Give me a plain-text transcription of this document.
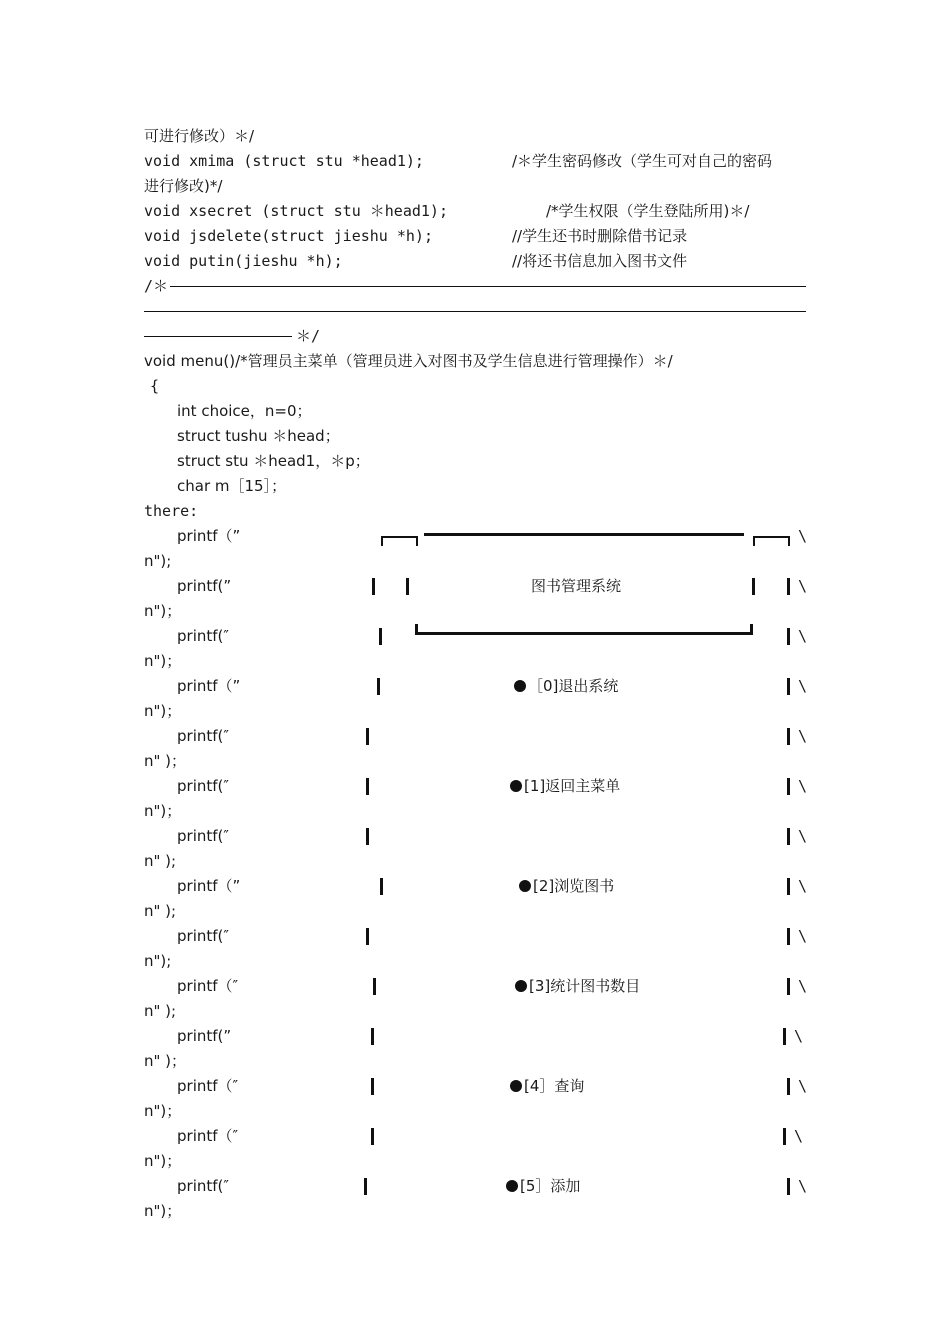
可进行修改）＊/
void xmima (struct stu *head1);	/＊学生密码修改（学生可对自己的密码
进行修改)*/
void xsecret (struct stu ＊head1);	/*学生权限（学生登陆所用)＊/
void jsdelete(struct jieshu *h);	//学生还书时删除借书记录
void putin(jieshu *h);	//将还书信息加入图书文件
/＊
＊/
void menu()/*管理员主菜单（管理员进入对图书及学生信息进行管理操作）＊/
{
int choice，n=0；
struct tushu ＊head；
struct stu ＊head1，＊p；
char m［15］；
there:
printf（”	\
n");
printf(”	图书管理系统	\
n")；
printf(″	\
n")；
printf（”	［0]退出系统	\
n")；
printf(″	\
n" )；
printf(″	[1]返回主菜单	\
n")；
printf(″	\
n" );
printf（”	[2]浏览图书	\
n" );
printf(″	\
n");
printf（″	[3]统计图书数目	\
n" );
printf(”	\
n" )；
printf（″	[4］查询	\
n")；
printf（″	\
n")；
printf(″	[5］添加	\
n")；
